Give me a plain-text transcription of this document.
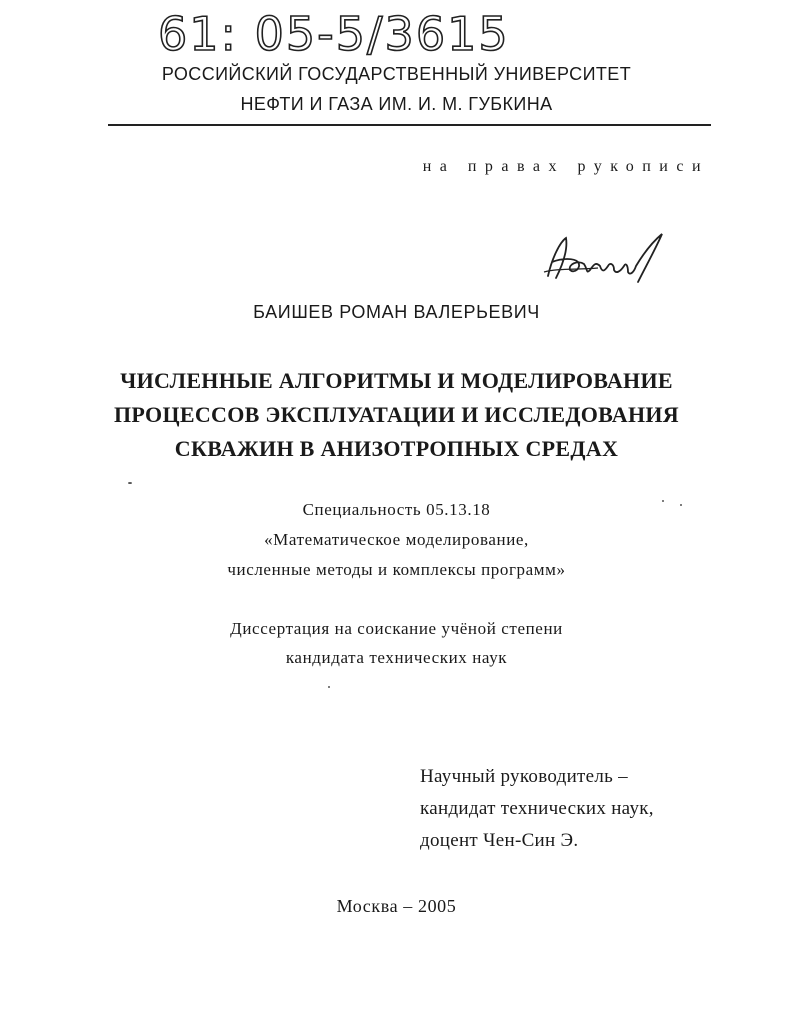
61: 05-5/3615
РОССИЙСКИЙ ГОСУДАРСТВЕННЫЙ УНИВЕРСИТЕТ
НЕФТИ И ГАЗА ИМ. И. М. ГУБКИНА
на правах рукописи
БАИШЕВ РОМАН ВАЛЕРЬЕВИЧ
ЧИСЛЕННЫЕ АЛГОРИТМЫ И МОДЕЛИРОВАНИЕ
ПРОЦЕССОВ ЭКСПЛУАТАЦИИ И ИССЛЕДОВАНИЯ
СКВАЖИН В АНИЗОТРОПНЫХ СРЕДАХ
Специальность 05.13.18
«Математическое моделирование,
численные методы и комплексы программ»
Диссертация на соискание учёной степени
кандидата технических наук
Научный руководитель –
кандидат технических наук,
доцент Чен-Син Э.
Москва – 2005
